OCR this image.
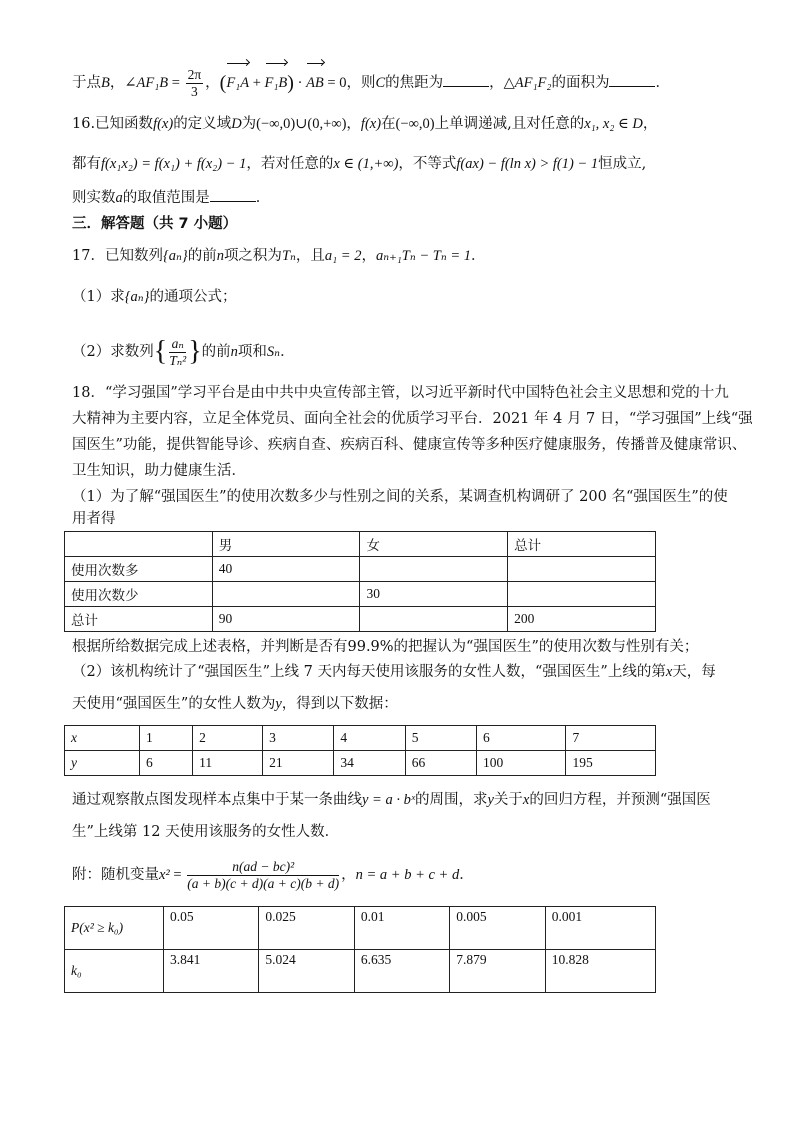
于点B，∠AF₁B = $\frac{2\pi}{3}$ ，(F₁A + F₁B) · AB = 0，则C的焦距为	，△AF₁F₂的面积为	．
16.已知函数f(x)的定义域D为(−∞,0)∪(0,+∞)，f(x)在(−∞,0)上单调递减,且对任意的x₁, x₂ ∈ D，
都有f(x₁x₂) = f(x₁) + f(x₂) − 1，若对任意的x ∈ (1,+∞)，不等式f(ax) − f(ln x) > f(1) − 1恒成立,
则实数a的取值范围是	．
三．解答题（共 7 小题）
17．已知数列{aₙ}的前n项之积为Tₙ，且a₁ = 2，aₙ₊₁Tₙ − Tₙ = 1．
（1）求{aₙ}的通项公式；
（2）求数列{ $\frac{\text{aₙ}}{\text{Tₙ²}}$ }的前n项和Sₙ．
18．“学习强国”学习平台是由中共中央宣传部主管，以习近平新时代中国特色社会主义思想和党的十九
大精神为主要内容，立足全体党员、面向全社会的优质学习平台．2021 年 4 月 7 日，“学习强国”上线“强
国医生”功能，提供智能导诊、疾病自查、疾病百科、健康宣传等多种医疗健康服务，传播普及健康常识、
卫生知识，助力健康生活．
（1）为了解“强国医生”的使用次数多少与性别之间的关系，某调查机构调研了 200 名“强国医生”的使
用者得
	男	女	总计
使用次数多	40		
使用次数少		30	
总计	90		200
根据所给数据完成上述表格，并判断是否有99.9%的把握认为“强国医生”的使用次数与性别有关；
（2）该机构统计了“强国医生”上线 7 天内每天使用该服务的女性人数，“强国医生”上线的第x天，每
天使用“强国医生”的女性人数为y，得到以下数据：
x	1	2	3	4	5	6	7
y	6	11	21	34	66	100	195
通过观察散点图发现样本点集中于某一条曲线y = a · bˣ的周围，求y关于x的回归方程，并预测“强国医
生”上线第 12 天使用该服务的女性人数．
附：随机变量$x^2 = \frac{\text{n(ad − bc)²}}{(a + b)(c + d)(a + c)(b + d)}$ ，n = a + b + c + d．
P(x² ≥ k₀)	0.05	0.025	0.01	0.005	0.001
k₀	3.841	5.024	6.635	7.879	10.828
